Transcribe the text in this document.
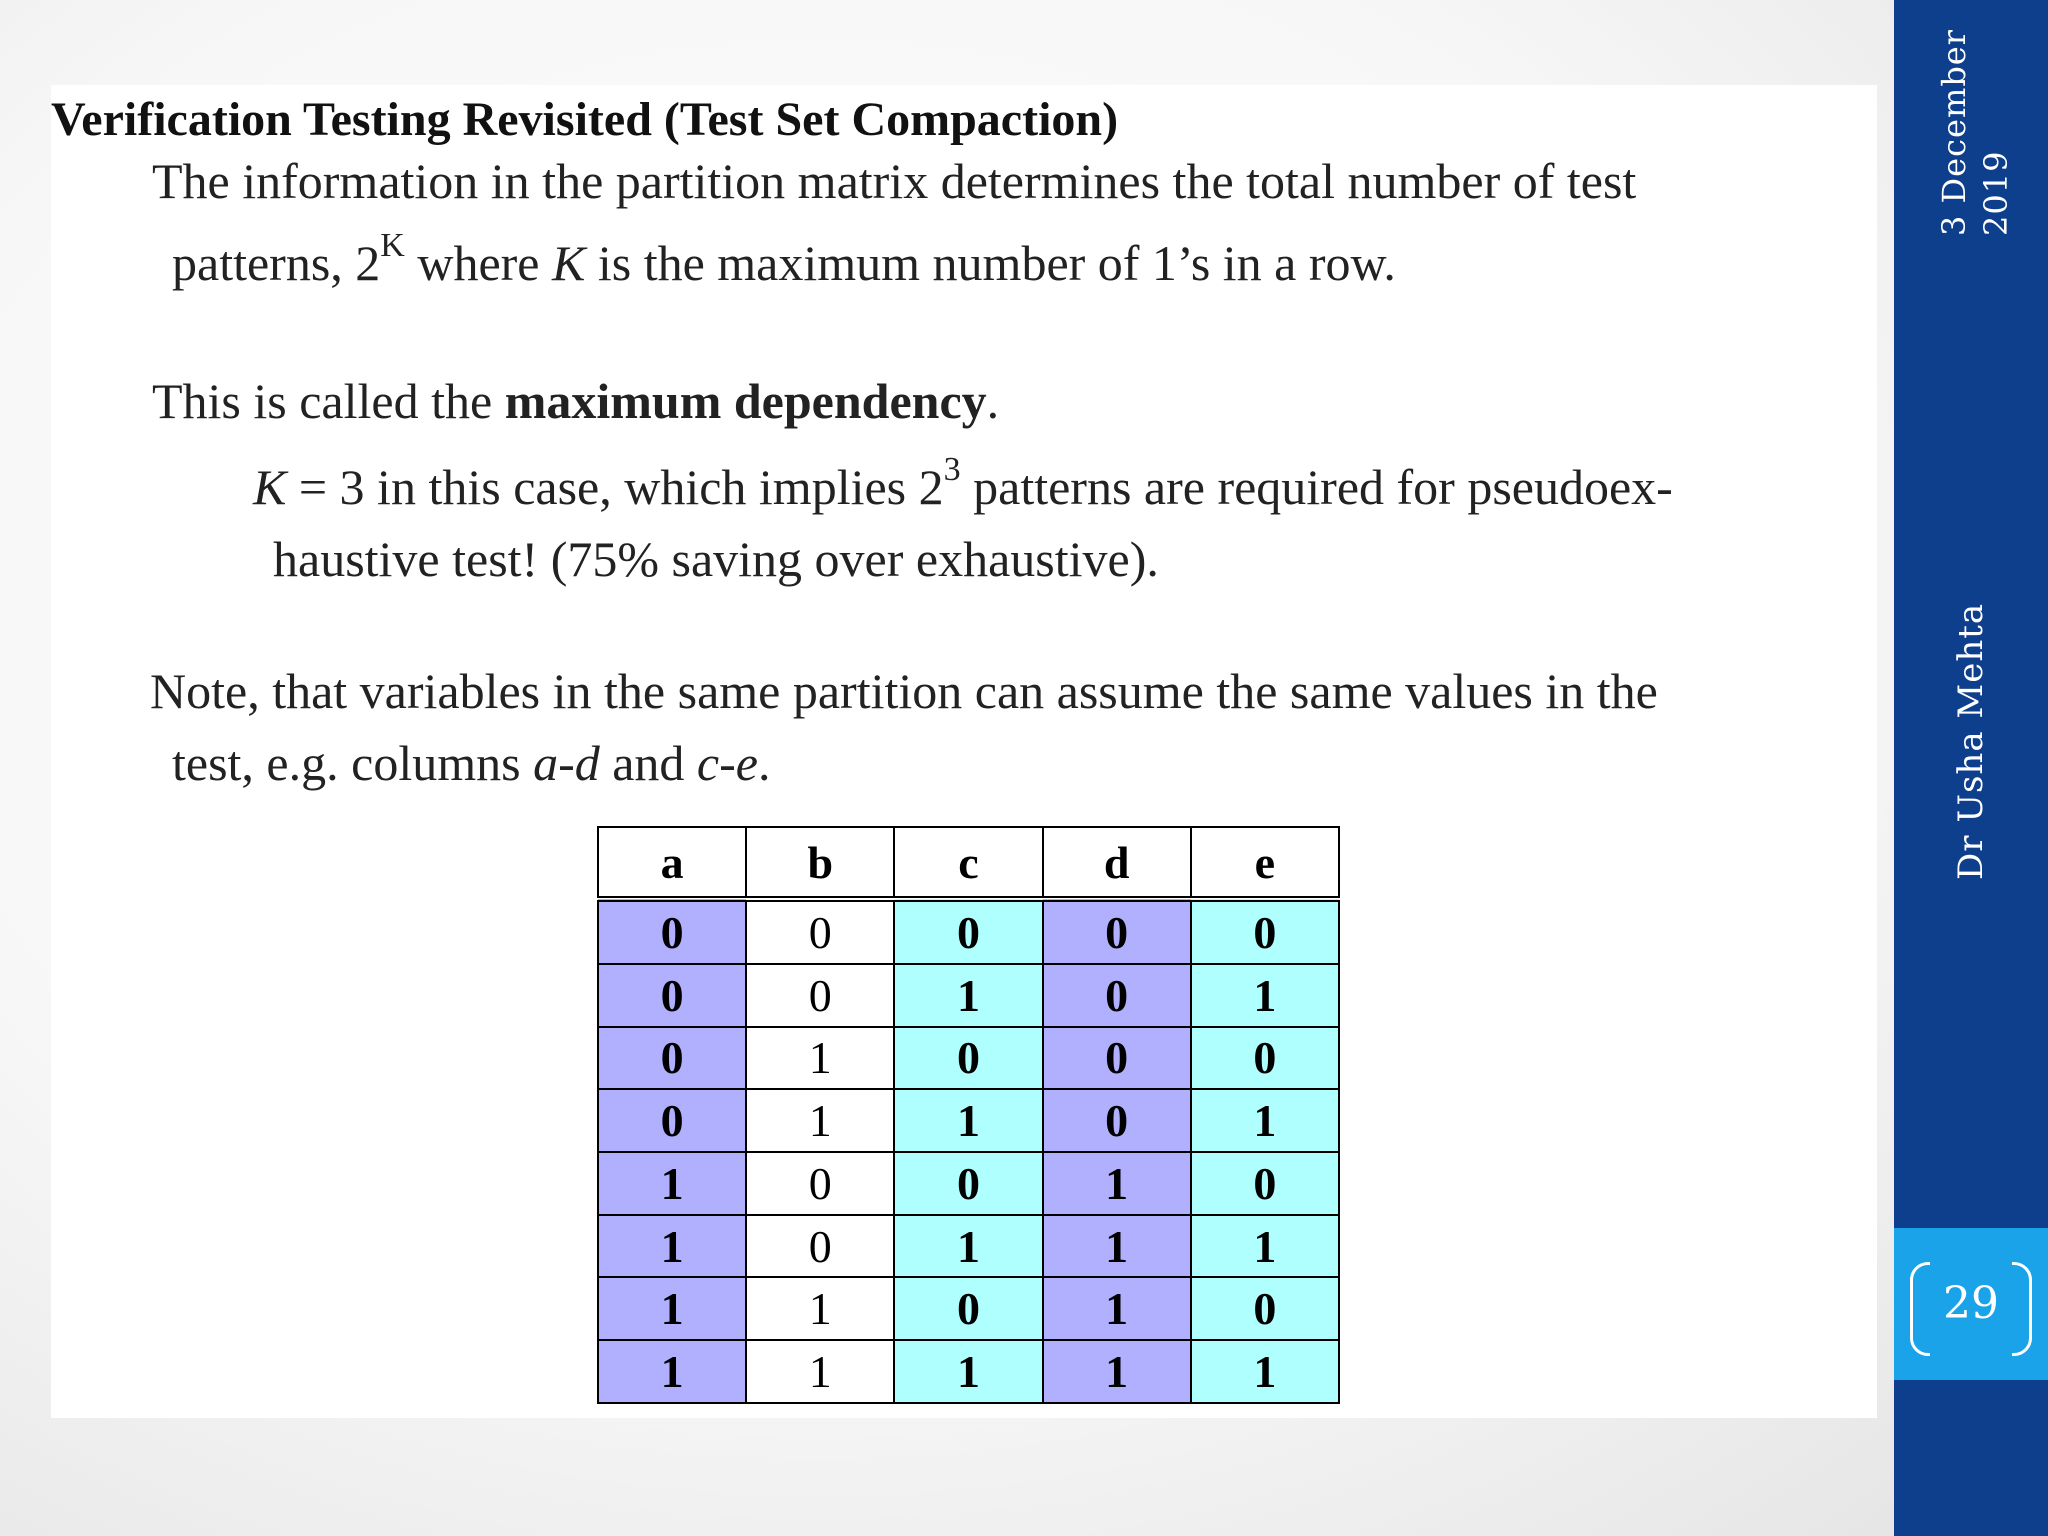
Verification Testing Revisited (Test Set Compaction)
The information in the partition matrix determines the total number of test
patterns, $2^K$ where K is the maximum number of 1’s in a row.
This is called the maximum dependency.
K = 3 in this case, which implies $2^3$ patterns are required for pseudoex-
haustive test! (75% saving over exhaustive).
Note, that variables in the same partition can assume the same values in the
test, e.g. columns a-d and c-e.
a	b	c	d	e
0	0	0	0	0
0	0	1	0	1
0	1	0	0	0
0	1	1	0	1
1	0	0	1	0
1	0	1	1	1
1	1	0	1	0
1	1	1	1	1
3 December 2019
Dr Usha Mehta
29
